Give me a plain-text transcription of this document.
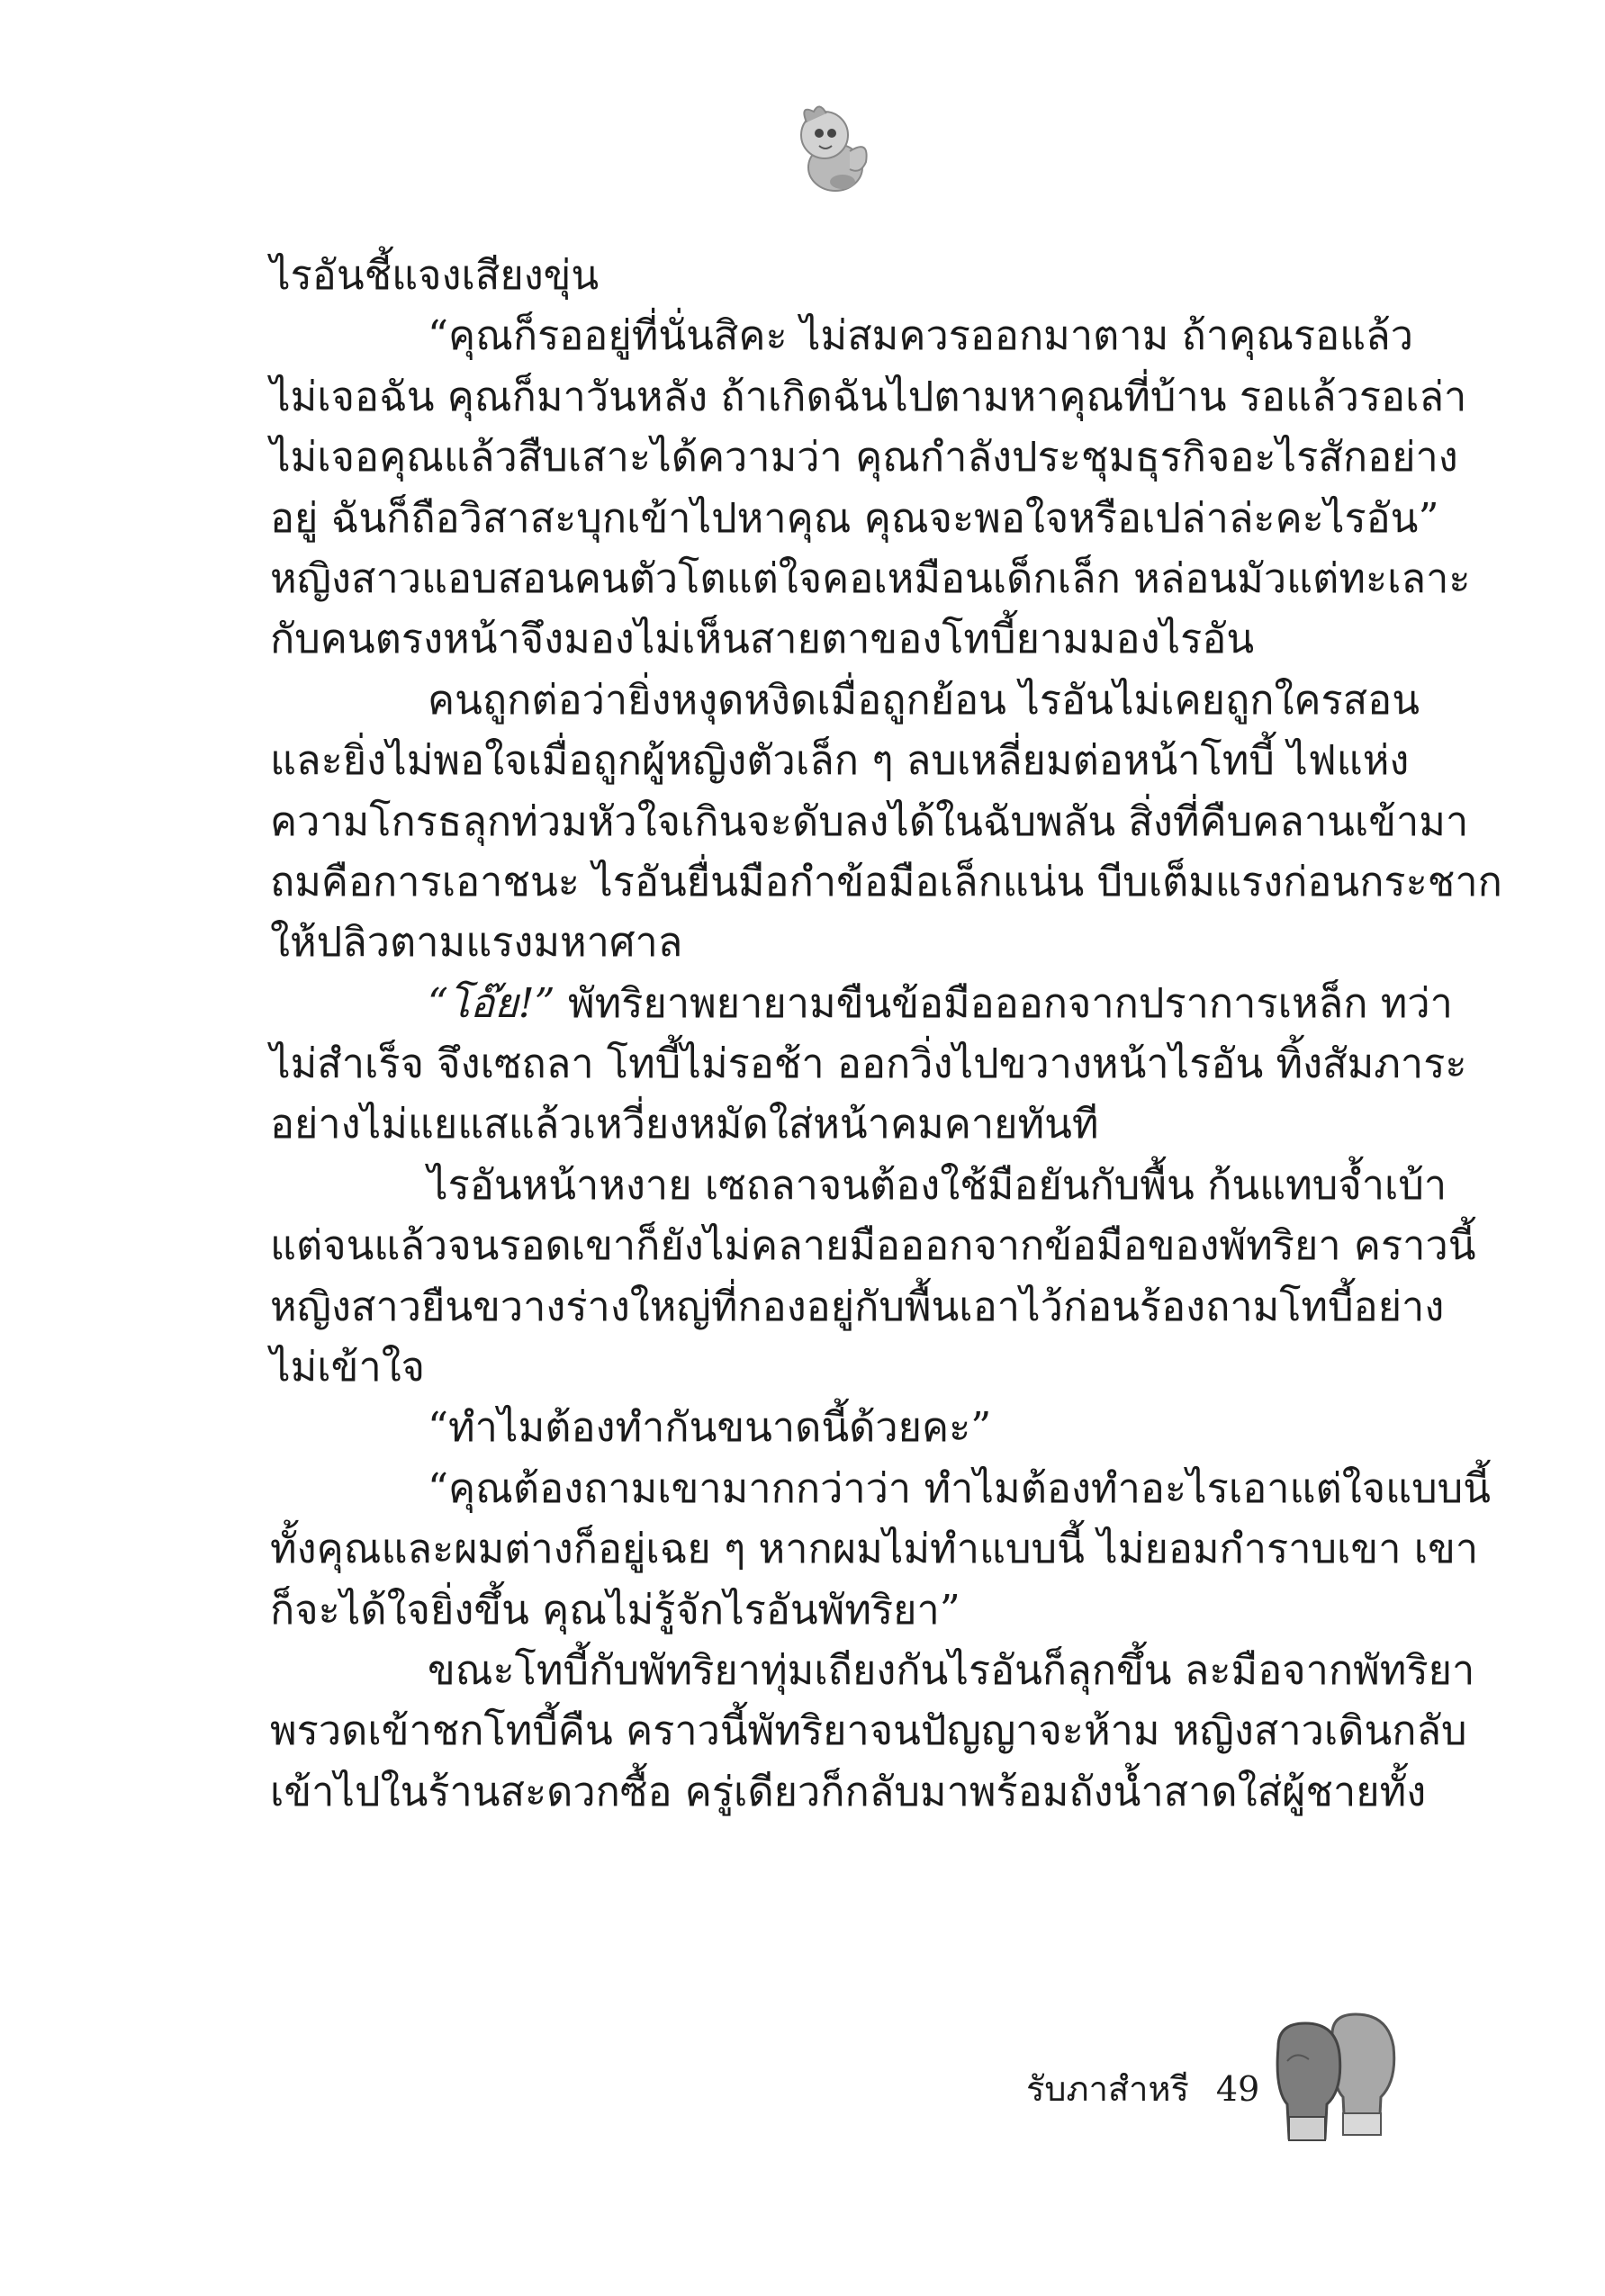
ไรอันชี้แจงเสียงขุ่น
“คุณก็รออยู่ที่นั่นสิคะ ไม่สมควรออกมาตาม ถ้าคุณรอแล้ว
ไม่เจอฉัน คุณก็มาวันหลัง ถ้าเกิดฉันไปตามหาคุณที่บ้าน รอแล้วรอเล่า
ไม่เจอคุณแล้วสืบเสาะได้ความว่า คุณกำลังประชุมธุรกิจอะไรสักอย่าง
อยู่ ฉันก็ถือวิสาสะบุกเข้าไปหาคุณ คุณจะพอใจหรือเปล่าล่ะคะไรอัน”
หญิงสาวแอบสอนคนตัวโตแต่ใจคอเหมือนเด็กเล็ก หล่อนมัวแต่ทะเลาะ
กับคนตรงหน้าจึงมองไม่เห็นสายตาของโทบี้ยามมองไรอัน
คนถูกต่อว่ายิ่งหงุดหงิดเมื่อถูกย้อน ไรอันไม่เคยถูกใครสอน
และยิ่งไม่พอใจเมื่อถูกผู้หญิงตัวเล็ก ๆ ลบเหลี่ยมต่อหน้าโทบี้ ไฟแห่ง
ความโกรธลุกท่วมหัวใจเกินจะดับลงได้ในฉับพลัน สิ่งที่คืบคลานเข้ามา
ถมคือการเอาชนะ ไรอันยื่นมือกำข้อมือเล็กแน่น บีบเต็มแรงก่อนกระชาก
ให้ปลิวตามแรงมหาศาล
“โอ๊ย!” พัทริยาพยายามขืนข้อมือออกจากปราการเหล็ก ทว่า
ไม่สำเร็จ จึงเซถลา โทบี้ไม่รอช้า ออกวิ่งไปขวางหน้าไรอัน ทิ้งสัมภาระ
อย่างไม่แยแสแล้วเหวี่ยงหมัดใส่หน้าคมคายทันที
ไรอันหน้าหงาย เซถลาจนต้องใช้มือยันกับพื้น ก้นแทบจ้ำเบ้า
แต่จนแล้วจนรอดเขาก็ยังไม่คลายมือออกจากข้อมือของพัทริยา คราวนี้
หญิงสาวยืนขวางร่างใหญ่ที่กองอยู่กับพื้นเอาไว้ก่อนร้องถามโทบี้อย่าง
ไม่เข้าใจ
“ทำไมต้องทำกันขนาดนี้ด้วยคะ”
“คุณต้องถามเขามากกว่าว่า ทำไมต้องทำอะไรเอาแต่ใจแบบนี้
ทั้งคุณและผมต่างก็อยู่เฉย ๆ หากผมไม่ทำแบบนี้ ไม่ยอมกำราบเขา เขา
ก็จะได้ใจยิ่งขึ้น คุณไม่รู้จักไรอันพัทริยา”
ขณะโทบี้กับพัทริยาทุ่มเถียงกันไรอันก็ลุกขึ้น ละมือจากพัทริยา
พรวดเข้าชกโทบี้คืน คราวนี้พัทริยาจนปัญญาจะห้าม หญิงสาวเดินกลับ
เข้าไปในร้านสะดวกซื้อ ครู่เดียวก็กลับมาพร้อมถังน้ำสาดใส่ผู้ชายทั้ง
รับภาสำหรี 49
